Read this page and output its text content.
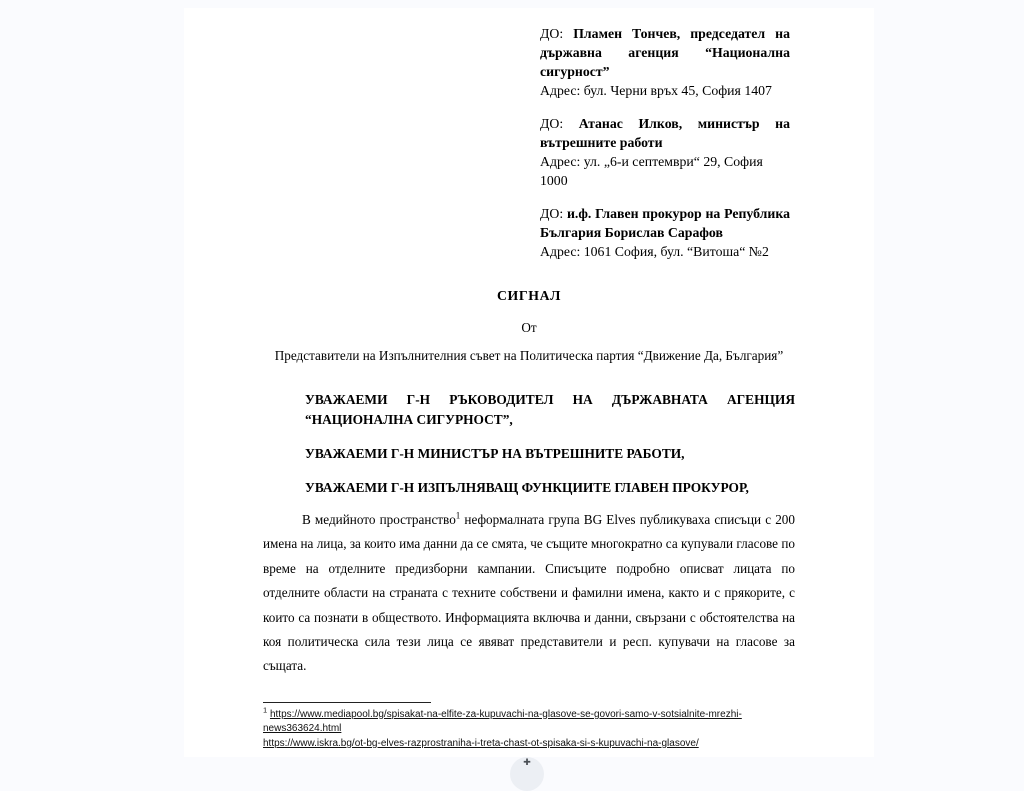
ДО: Пламен Тончев, председател на държавна агенция “Национална сигурност”

Адрес: бул. Черни връх 45, София 1407

ДО: Атанас Илков, министър на вътрешните работи

Адрес: ул. „6-и септември“ 29, София 1000

ДО: и.ф. Главен прокурор на Република България Борислав Сарафов

Адрес: 1061 София, бул. “Витоша“ №2

СИГНАЛ

От

Представители на Изпълнителния съвет на Политическа партия “Движение Да, България”

УВАЖАЕМИ Г-Н РЪКОВОДИТЕЛ НА ДЪРЖАВНАТА АГЕНЦИЯ “НАЦИОНАЛНА СИГУРНОСТ”,

УВАЖАЕМИ Г-Н МИНИСТЪР НА ВЪТРЕШНИТЕ РАБОТИ,

УВАЖАЕМИ Г-Н ИЗПЪЛНЯВАЩ ФУНКЦИИТЕ ГЛАВЕН ПРОКУРОР,

В медийното пространство$^1$ неформалната група BG Elves публикуваха списъци с 200 имена на лица, за които има данни да се смята, че същите многократно са купували гласове по време на отделните предизборни кампании. Списъците подробно описват лицата по отделните области на страната с техните собствени и фамилни имена, както и с прякорите, с които са познати в обществото. Информацията включва и данни, свързани с обстоятелства на коя политическа сила тези лица се явяват представители и респ. купувачи на гласове за същата.

$^1$ https://www.mediapool.bg/spisakat-na-elfite-za-kupuvachi-na-glasove-se-govori-samo-v-sotsialnite-mrezhi-news363624.html
https://www.iskra.bg/ot-bg-elves-razprostraniha-i-treta-chast-ot-spisaka-si-s-kupuvachi-na-glasove/

✚
